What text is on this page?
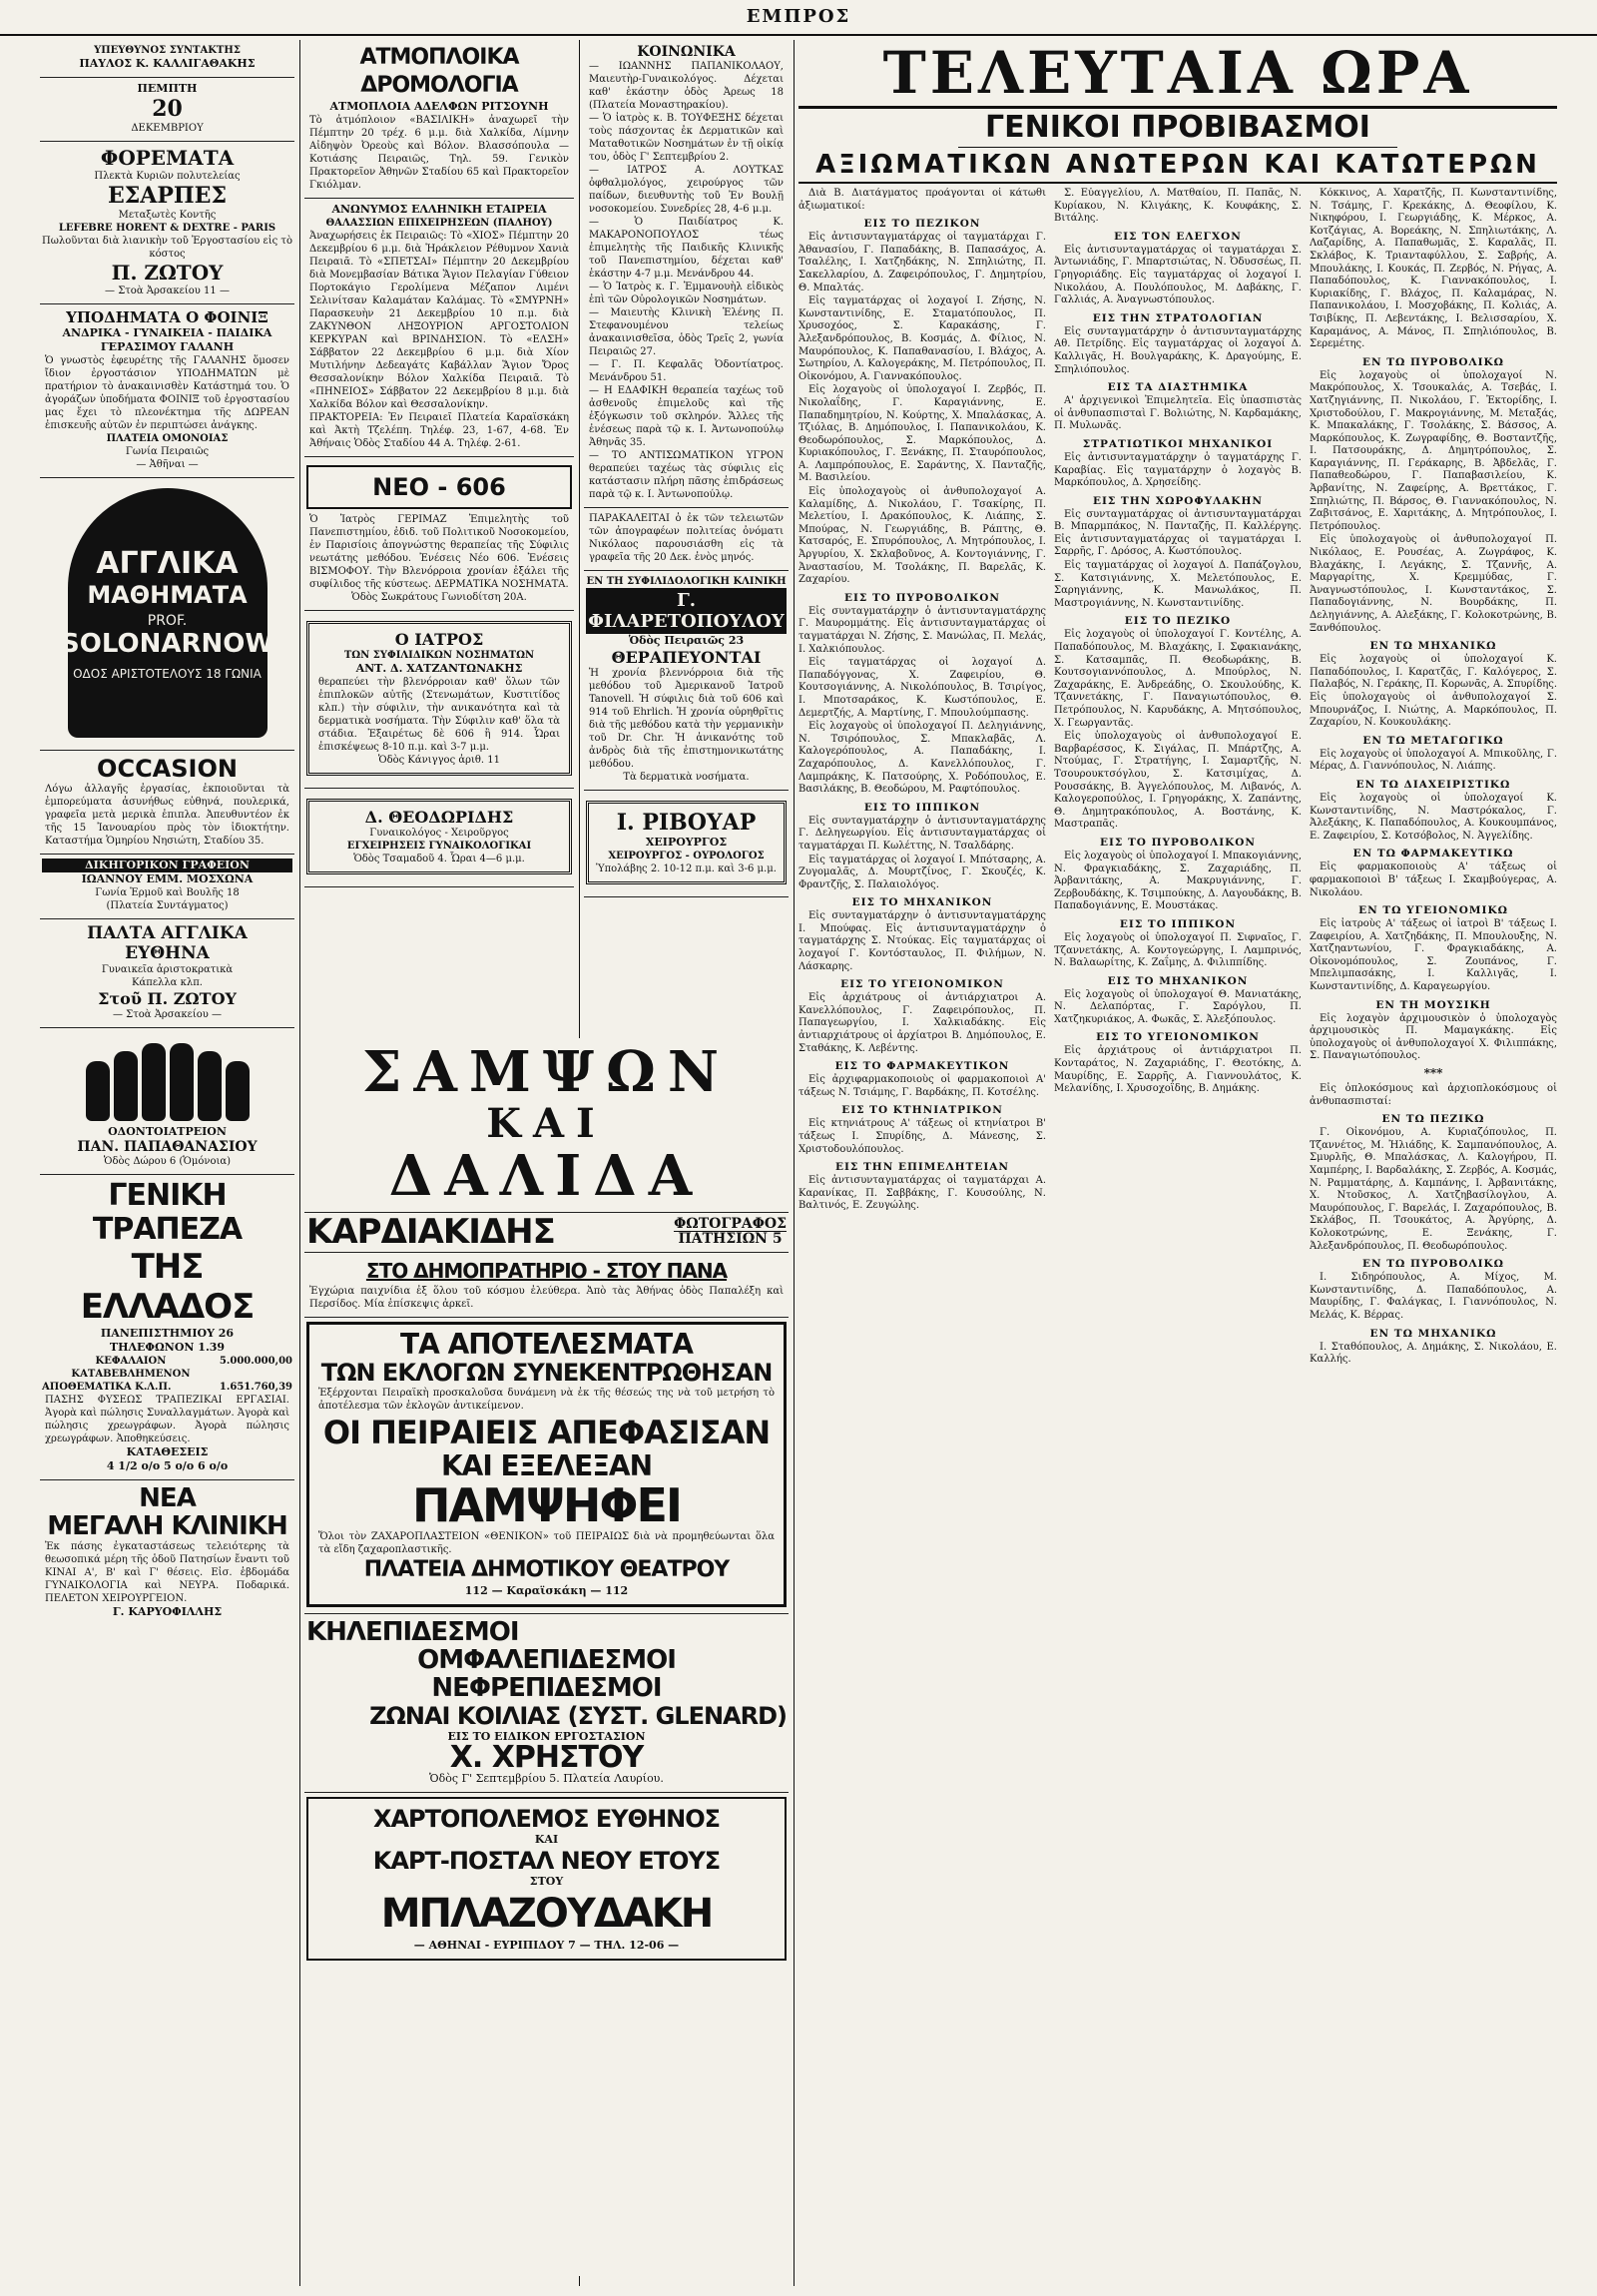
ΕΜΠΡΟΣ
ΥΠΕΥΘΥΝΟΣ ΣΥΝΤΑΚΤΗΣ
ΠΑΥΛΟΣ Κ. ΚΑΛΛΙΓΑΘΑΚΗΣ
ΠΕΜΠΤΗ
20
ΔΕΚΕΜΒΡΙΟΥ
ΦΟΡΕΜΑΤΑ
Πλεκτὰ Κυριῶν πολυτελείας
ΕΣΑΡΠΕΣ
Μεταξωτὲς Κοντῆς
LEFEBRE HORENT & DEXTRE - PARIS
Πωλοῦνται διὰ λιανικὴν τοῦ Ἐργοστασίου εἰς τὸ κόστος
Π. ΖΩΤΟΥ
— Στοὰ Ἀρσακείου 11 —
ΥΠΟΔΗΜΑΤΑ Ο ΦΟΙΝΙΞ
ΑΝΔΡΙΚΑ - ΓΥΝΑΙΚΕΙΑ - ΠΑΙΔΙΚΑ
ΓΕΡΑΣΙΜΟΥ ΓΑΛΑΝΗ
Ὁ γνωστὸς ἐφευρέτης τῆς ΓΑΛΑΝΗΣ ὅμοσεν ἴδιον ἐργοστάσιον ΥΠΟΔΗΜΑΤΩΝ μὲ πρατήριον τὸ ἀνακαινισθὲν Κατάστημά του. Ὁ ἀγοράζων ὑποδήματα ΦΟΙΝΙΞ τοῦ ἐργοστασίου μας ἔχει τὸ πλεονέκτημα τῆς ΔΩΡΕΑΝ ἐπισκευῆς αὐτῶν ἐν περιπτώσει ἀνάγκης.
ΠΛΑΤΕΙΑ ΟΜΟΝΟΙΑΣ
Γωνία Πειραιῶς
— Ἀθῆναι —
ΑΓΓΛΙΚΑ
ΜΑΘΗΜΑΤΑ
PROF.
SOLONARNOW
ΟΔΟΣ ΑΡΙΣΤΟΤΕΛΟΥΣ 18 ΓΩΝΙΑ
OCCASION
Λόγω ἀλλαγῆς ἐργασίας, ἐκποιοῦνται τὰ ἐμπορεύματα ἀσυνήθως εὐθηνά, πουλερικά, γραφεῖα μετὰ μερικὰ ἐπιπλα. Ἀπευθυντέον ἐκ τῆς 15 Ἰανουαρίου πρὸς τὸν ἰδιοκτήτην. Καταστήμα Ὁμηρίου Νησιώτη, Σταδίου 35.
ΔΙΚΗΓΟΡΙΚΟΝ ΓΡΑΦΕΙΟΝ
ΙΩΑΝΝΟΥ ΕΜΜ. ΜΟΣΧΩΝΑ
Γωνία Ἑρμοῦ καὶ Βουλῆς 18
(Πλατεία Συντάγματος)
ΠΑΛΤΑ ΑΓΓΛΙΚΑ ΕΥΘΗΝΑ
Γυναικεῖα ἀριστοκρατικὰ
Κάπελλα κλπ.
Στοῦ Π. ΖΩΤΟΥ
— Στοὰ Ἀρσακείου —
ΟΔΟΝΤΟΙΑΤΡΕΙΟΝ
ΠΑΝ. ΠΑΠΑΘΑΝΑΣΙΟΥ
Ὁδὸς Δώρου 6 (Ὁμόνοια)
ΓΕΝΙΚΗ ΤΡΑΠΕΖΑ
ΤΗΣ ΕΛΛΑΔΟΣ
ΠΑΝΕΠΙΣΤΗΜΙΟΥ 26
ΤΗΛΕΦΩΝΟΝ 1.39
ΚΕΦΑΛΑΙΟΝ ΚΑΤΑΒΕΒΛΗΜΕΝΟΝ
5.000.000,00
ΑΠΟΘΕΜΑΤΙΚΑ Κ.Λ.Π.	1.651.760,39
ΠΑΣΗΣ ΦΥΣΕΩΣ ΤΡΑΠΕΖΙΚΑΙ ΕΡΓΑΣΙΑΙ. Ἀγορὰ καὶ πώλησις Συναλλαγμάτων. Ἀγορὰ καὶ πώλησις χρεωγράφων. Ἀγορὰ πώλησις χρεωγράφων. Ἀποθηκεύσεις.
ΚΑΤΑΘΕΣΕΙΣ
4 1/2 ο/ο 5 ο/ο 6 ο/ο
ΝΕΑ
ΜΕΓΑΛΗ ΚΛΙΝΙΚΗ
Ἐκ πάσης ἐγκαταστάσεως τελειότερης τὰ θεωσοπικά μέρη τῆς ὁδοῦ Πατησίων ἔναντι τοῦ ΚΙΝΑΙ Α', Β' καὶ Γ' θέσεις. Εἰσ. ἑβδομάδα ΓΥΝΑΙΚΟΛΟΓΙΑ καὶ ΝΕΥΡΑ. Ποδαρικά. ΠΕΛΕΤΟΝ ΧΕΙΡΟΥΡΓΕΙΟΝ.
Γ. ΚΑΡΥΟΦΙΛΛΗΣ
ΑΤΜΟΠΛΟΙΚΑ ΔΡΟΜΟΛΟΓΙΑ
ΑΤΜΟΠΛΟΙΑ ΑΔΕΛΦΩΝ ΡΙΤΣΟΥΝΗ
Τὸ ἀτμόπλοιον «ΒΑΣΙΛΙΚΗ» ἀναχωρεῖ τὴν Πέμπτην 20 τρέχ. 6 μ.μ. διὰ Χαλκίδα, Λίμνην Αἰδηψὸν Ὀρεοὺς καὶ Βόλον. Βλασσόπουλα — Κοτιάσης Πειραιῶς, Τηλ. 59. Γενικὸν Πρακτορεῖον Ἀθηνῶν Σταδίου 65 καὶ Πρακτορεῖον Γκιόλμαν.
ΑΝΩΝΥΜΟΣ ΕΛΛΗΝΙΚΗ ΕΤΑΙΡΕΙΑ
ΘΑΛΑΣΣΙΩΝ ΕΠΙΧΕΙΡΗΣΕΩΝ (ΠΑΛΗΟΥ)
Ἀναχωρήσεις ἐκ Πειραιῶς: Τὸ «ΧΙΟΣ» Πέμπτην 20 Δεκεμβρίου 6 μ.μ. διὰ Ἡράκλειον Ρέθυμνον Χανιὰ Πειραιᾶ. Τὸ «ΣΠΕΤΣΑΙ» Πέμπτην 20 Δεκεμβρίου διὰ Μονεμβασίαν Βάτικα Ἅγιον Πελαγίαν Γύθειον Πορτοκάγιο Γερολίμενα Μέζαπον Λιμένι Σελινίτσαν Καλαμάταν Καλάμας. Τὸ «ΣΜΥΡΝΗ» Παρασκευὴν 21 Δεκεμβρίου 10 π.μ. διὰ ΖΑΚΥΝΘΟΝ ΛΗΞΟΥΡΙΟΝ ΑΡΓΟΣΤΟΛΙΟΝ ΚΕΡΚΥΡΑΝ καὶ ΒΡΙΝΔΗΣΙΟΝ. Τὸ «ΕΛΣΗ» Σάββατον 22 Δεκεμβρίου 6 μ.μ. διὰ Χίον Μυτιλήνην Δεδεαγάτς Καβάλλαν Ἅγιον Ὄρος Θεσσαλονίκην Βόλον Χαλκίδα Πειραιᾶ. Τὸ «ΠΗΝΕΙΟΣ» Σάββατον 22 Δεκεμβρίου 8 μ.μ. διὰ Χαλκίδα Βόλον καὶ Θεσσαλονίκην.
ΠΡΑΚΤΟΡΕΙΑ: Ἐν Πειραιεῖ Πλατεία Καραϊσκάκη καὶ Ἀκτὴ Τζελέπη. Τηλέφ. 23, 1-67, 4-68. Ἐν Ἀθήναις Ὁδὸς Σταδίου 44 Α. Τηλέφ. 2-61.
ΝΕΟ - 606
Ὁ Ἰατρὸς ΓΕΡΙΜΑΖ Ἐπιμελητὴς τοῦ Πανεπιστημίου, ἐδιδ. τοῦ Πολιτικοῦ Νοσοκομείου, ἐν Παρισίοις ἀπογνώστης θεραπείας τῆς Σύφιλις νεωτάτης μεθόδου. Ἐνέσεις Νέο 606. Ἐνέσεις ΒΙΣΜΟΦΟΥ. Τὴν Βλενόρροια χρονίαν ἐξάλει τῆς συφίλιδος τῆς κύστεως. ΔΕΡΜΑΤΙΚΑ ΝΟΣΗΜΑΤΑ.
Ὁδὸς Σωκράτους Γωνιοδίτση 20Α.
Ο ΙΑΤΡΟΣ
ΤΩΝ ΣΥΦΙΛΙΔΙΚΩΝ ΝΟΣΗΜΑΤΩΝ
ΑΝΤ. Δ. ΧΑΤΖΑΝΤΩΝΑΚΗΣ
θεραπεύει τὴν βλενόρροιαν καθ' ὅλων τῶν ἐπιπλοκῶν αὐτῆς (Στενωμάτων, Κυστιτίδος κλπ.) τὴν σύφιλιν, τὴν ανικανότητα καὶ τὰ δερματικὰ νοσήματα. Τὴν Σύφιλιν καθ' ὅλα τὰ στάδια. Ἐξαιρέτως δὲ 606 ἢ 914. Ὧραι ἐπισκέψεως 8-10 π.μ. καὶ 3-7 μ.μ.
Ὁδὸς Κάνιγγος ἀριθ. 11
Δ. ΘΕΟΔΩΡΙΔΗΣ
Γυναικολόγος - Χειροῦργος
ΕΓΧΕΙΡΗΣΕΙΣ ΓΥΝΑΙΚΟΛΟΓΙΚΑΙ
Ὁδὸς Τσαμαδοῦ 4. Ὧραι 4—6 μ.μ.
ΚΟΙΝΩΝΙΚΑ
— ΙΩΑΝΝΗΣ ΠΑΠΑΝΙΚΟΛΑΟΥ, Μαιευτὴρ-Γυναικολόγος. Δέχεται καθ' ἑκάστην ὁδὸς Ἀρεως 18 (Πλατεία Μοναστηρακίου).
— Ὁ ἰατρὸς κ. Β. ΤΟΥΦΕΞΗΣ δέχεται τοὺς πάσχοντας ἐκ Δερματικῶν καὶ Ματαθοτικῶν Νοσημάτων ἐν τῇ οἰκίᾳ του, ὁδὸς Γ' Σεπτεμβρίου 2.
— ΙΑΤΡΟΣ Α. ΛΟΥΤΚΑΣ ὀφθαλμολόγος, χειρούργος τῶν παίδων, διευθυντὴς τοῦ Ἐν Βουλῇ νοσοκομείου. Συνεδρίες 28, 4-6 μ.μ.
— Ὁ Παιδίατρος Κ. ΜΑΚΑΡΟΝΟΠΟΥΛΟΣ τέως ἐπιμελητὴς τῆς Παιδικῆς Κλινικῆς τοῦ Πανεπιστημίου, δέχεται καθ' ἑκάστην 4-7 μ.μ. Μενάνδρου 44.
— Ὁ Ἰατρὸς κ. Γ. Ἐμμανουὴλ εἰδικὸς ἐπὶ τῶν Οὐρολογικῶν Νοσημάτων.
— Μαιευτὴς Κλινικὴ Ἑλένης Π. Στεφανουμένου τελείως ἀνακαινισθεῖσα, ὁδὸς Τρεῖς 2, γωνία Πειραιῶς 27.
— Γ. Π. Κεφαλᾶς Ὀδοντίατρος. Μενάνδρου 51.
— Η ΕΔΑΦΙΚΗ θεραπεία ταχέως τοῦ ἀσθενοῦς ἐπιμελοῦς καὶ τῆς ἐξόγκωσιν τοῦ σκληρόν. Ἄλλες τῆς ἐνέσεως παρὰ τῷ κ. Ι. Ἀντωνοπούλῳ Ἀθηνᾶς 35.
— ΤΟ ΑΝΤΙΣΩΜΑΤΙΚΟΝ ΥΓΡΟΝ θεραπεύει ταχέως τὰς σύφιλις εἰς κατάστασιν πλήρη πᾶσης ἐπιδράσεως παρὰ τῷ κ. Ι. Ἀντωνοπούλῳ.
ΠΑΡΑΚΑΛΕΙΤΑΙ ὁ ἐκ τῶν τελειωτῶν τῶν ἀπογραφέων πολιτείας ὀνόματι Νικόλαος παρουσιάσθη εἰς τὰ γραφεῖα τῆς 20 Δεκ. ἐνὸς μηνός.
ΕΝ ΤΗ ΣΥΦΙΛΙΔΟΛΟΓΙΚΗ ΚΛΙΝΙΚΗ
Γ. ΦΙΛΑΡΕΤΟΠΟΥΛΟΥ
Ὁδὸς Πειραιῶς 23
ΘΕΡΑΠΕΥΟΝΤΑΙ
Ἡ χρονία βλεννόρροια διὰ τῆς μεθόδου τοῦ Ἀμερικανοῦ Ἰατροῦ Tanovell. Ἡ σύφιλις διὰ τοῦ 606 καὶ 914 τοῦ Ehrlich. Ἡ χρονία οὐρηθρῖτις διὰ τῆς μεθόδου κατὰ τὴν γερμανικὴν τοῦ Dr. Chr. Ἡ ἀνικανότης τοῦ ἀνδρὸς διὰ τῆς ἐπιστημονικωτάτης μεθόδου.
Τὰ δερματικὰ νοσήματα.
Ι. ΡΙΒΟΥΑΡ
ΧΕΙΡΟΥΡΓΟΣ
ΧΕΙΡΟΥΡΓΟΣ - ΟΥΡΟΛΟΓΟΣ
Ὑπολάβης 2. 10-12 π.μ. καὶ 3-6 μ.μ.
ΣΑΜΨΩΝ
ΚΑΙ
ΔΑΛΙΔΑ
ΚΑΡΔΙΑΚΙΔΗΣ	ΦΩΤΟΓΡΑΦΟΣ
ΠΑΤΗΣΙΩΝ 5
ΣΤΟ ΔΗΜΟΠΡΑΤΗΡΙΟ - ΣΤΟΥ ΠΑΝΑ
Ἐγχώρια παιχνίδια ἐξ ὅλου τοῦ κόσμου ἐλεύθερα. Ἀπὸ τὰς Ἀθήνας ὁδὸς Παπαλέξη καὶ Περσίδος. Μία ἐπίσκεψις ἀρκεῖ.
ΤΑ ΑΠΟΤΕΛΕΣΜΑΤΑ
ΤΩΝ ΕΚΛΟΓΩΝ ΣΥΝΕΚΕΝΤΡΩΘΗΣΑΝ
Ἐξέρχονται Πειραϊκὴ προσκαλοῦσα δυνάμενη νὰ ἐκ τῆς θέσεώς της νὰ τοῦ μετρήση τὸ ἀποτέλεσμα τῶν ἐκλογῶν ἀντικείμενον.
ΟΙ ΠΕΙΡΑΙΕΙΣ ΑΠΕΦΑΣΙΣΑΝ
ΚΑΙ ΕΞΕΛΕΞΑΝ
ΠΑΜΨΗΦΕΙ
Ὅλοι τὸν ΖΑΧΑΡΟΠΛΑΣΤΕΙΟΝ «ΘΕΝΙΚΟΝ» τοῦ ΠΕΙΡΑΙΩΣ διὰ νὰ προμηθεύωνται ὅλα τὰ εἴδη ζαχαροπλαστικῆς.
ΠΛΑΤΕΙΑ ΔΗΜΟΤΙΚΟΥ ΘΕΑΤΡΟΥ
112 — Καραϊσκάκη — 112
ΚΗΛΕΠΙΔΕΣΜΟΙ
ΟΜΦΑΛΕΠΙΔΕΣΜΟΙ
ΝΕΦΡΕΠΙΔΕΣΜΟΙ
ΖΩΝΑΙ ΚΟΙΛΙΑΣ (ΣΥΣΤ. GLENARD)
ΕΙΣ ΤΟ ΕΙΔΙΚΟΝ ΕΡΓΟΣΤΑΣΙΟΝ
Χ. ΧΡΗΣΤΟΥ
Ὁδὸς Γ' Σεπτεμβρίου 5. Πλατεία Λαυρίου.
ΧΑΡΤΟΠΟΛΕΜΟΣ ΕΥΘΗΝΟΣ
ΚΑΙ
ΚΑΡΤ-ΠΟΣΤΑΛ ΝΕΟΥ ΕΤΟΥΣ
ΣΤΟΥ
ΜΠΛΑΖΟΥΔΑΚΗ
— ΑΘΗΝΑΙ - ΕΥΡΙΠΙΔΟΥ 7 — ΤΗΛ. 12-06 —
ΤΕΛΕΥΤΑΙΑ ΩΡΑ
ΓΕΝΙΚΟΙ ΠΡΟΒΙΒΑΣΜΟΙ
ΑΞΙΩΜΑΤΙΚΩΝ ΑΝΩΤΕΡΩΝ ΚΑΙ ΚΑΤΩΤΕΡΩΝ
Διὰ Β. Διατάγματος προάγονται οἱ κάτωθι ἀξιωματικοί:
ΕΙΣ ΤΟ ΠΕΖΙΚΟΝ
Εἰς ἀντισυνταγματάρχας οἱ ταγματάρχαι Γ. Ἀθανασίου, Γ. Παπαδάκης, Β. Παπασάχος, Α. Τσαλέλης, Ι. Χατζηδάκης, Ν. Σπηλιώτης, Π. Σακελλαρίου, Δ. Ζαφειρόπουλος, Γ. Δημητρίου, Θ. Μπαλτάς.
Εἰς ταγματάρχας οἱ λοχαγοί Ι. Ζήσης, Ν. Κωνσταντινίδης, Ε. Σταματόπουλος, Π. Χρυσοχόος, Σ. Καρακάσης, Γ. Ἀλεξανδρόπουλος, Β. Κοσμάς, Δ. Φίλιος, Ν. Μαυρόπουλος, Κ. Παπαθανασίου, Ι. Βλάχος, Α. Σωτηρίου, Λ. Καλογεράκης, Μ. Πετρόπουλος, Π. Οἰκονόμου, Α. Γιαννακόπουλος.
Εἰς λοχαγοὺς οἱ ὑπολοχαγοί Ι. Ζερβός, Π. Νικολαΐδης, Γ. Καραγιάννης, Ε. Παπαδημητρίου, Ν. Κούρτης, Χ. Μπαλάσκας, Α. Τζιόλας, Β. Δημόπουλος, Ι. Παπανικολάου, Κ. Θεοδωρόπουλος, Σ. Μαρκόπουλος, Δ. Κυριακόπουλος, Γ. Ξενάκης, Π. Σταυρόπουλος, Α. Λαμπρόπουλος, Ε. Σαράντης, Χ. Πανταζῆς, Μ. Βασιλείου.
Εἰς ὑπολοχαγοὺς οἱ ἀνθυπολοχαγοί Α. Καλαμίδης, Δ. Νικολάου, Γ. Τσακίρης, Π. Μελετίου, Ι. Δρακόπουλος, Κ. Λιάπης, Σ. Μπούρας, Ν. Γεωργιάδης, Β. Ράπτης, Θ. Κατσαρός, Ε. Σπυρόπουλος, Λ. Μητρόπουλος, Ι. Ἀργυρίου, Χ. Σκλαβοῦνος, Α. Κοντογιάννης, Γ. Ἀναστασίου, Μ. Τσολάκης, Π. Βαρελᾶς, Κ. Ζαχαρίου.
ΕΙΣ ΤΟ ΠΥΡΟΒΟΛΙΚΟΝ
Εἰς συνταγματάρχην ὁ ἀντισυνταγματάρχης Γ. Μαυρομμάτης. Εἰς ἀντισυνταγματάρχας οἱ ταγματάρχαι Ν. Ζήσης, Σ. Μανώλας, Π. Μελάς, Ι. Χαλκιόπουλος.
Εἰς ταγματάρχας οἱ λοχαγοί Δ. Παπαδόγγονας, Χ. Ζαφειρίου, Θ. Κουτσογιάννης, Α. Νικολόπουλος, Β. Τσιρίγος, Ι. Μποτσαράκος, Κ. Κωστόπουλος, Ε. Δεμερτζής, Α. Μαρτίνης, Γ. Μπουλούμπασης.
Εἰς λοχαγοὺς οἱ ὑπολοχαγοί Π. Δεληγιάννης, Ν. Τσιρόπουλος, Σ. Μπακλαβᾶς, Λ. Καλογερόπουλος, Α. Παπαδάκης, Ι. Ζαχαρόπουλος, Δ. Κανελλόπουλος, Γ. Λαμπράκης, Κ. Πατσούρης, Χ. Ροδόπουλος, Ε. Βασιλάκης, Β. Θεοδώρου, Μ. Ραφτόπουλος.
ΕΙΣ ΤΟ ΙΠΠΙΚΟΝ
Εἰς συνταγματάρχην ὁ ἀντισυνταγματάρχης Γ. Δεληγεωργίου. Εἰς ἀντισυνταγματάρχας οἱ ταγματάρχαι Π. Κωλέττης, Ν. Τσαλδάρης.
Εἰς ταγματάρχας οἱ λοχαγοί Ι. Μπότσαρης, Α. Ζυγομαλᾶς, Δ. Μουρτζίνος, Γ. Σκουζές, Κ. Φραντζῆς, Σ. Παλαιολόγος.
ΕΙΣ ΤΟ ΜΗΧΑΝΙΚΟΝ
Εἰς συνταγματάρχην ὁ ἀντισυνταγματάρχης Ι. Μπούφας. Εἰς ἀντισυνταγματάρχην ὁ ταγματάρχης Σ. Ντούκας. Εἰς ταγματάρχας οἱ λοχαγοί Γ. Κοντόσταυλος, Π. Φιλήμων, Ν. Λάσκαρης.
ΕΙΣ ΤΟ ΥΓΕΙΟΝΟΜΙΚΟΝ
Εἰς ἀρχιάτρους οἱ ἀντιάρχιατροι Α. Κανελλόπουλος, Γ. Ζαφειρόπουλος, Π. Παπαγεωργίου, Ι. Χαλκιαδάκης. Εἰς ἀντιαρχιάτρους οἱ ἀρχίατροι Β. Δημόπουλος, Ε. Σταθάκης, Κ. Λεβέντης.
ΕΙΣ ΤΟ ΦΑΡΜΑΚΕΥΤΙΚΟΝ
Εἰς ἀρχιφαρμακοποιοὺς οἱ φαρμακοποιοὶ Α' τάξεως Ν. Τσιάμης, Γ. Βαρδάκης, Π. Κοτσέλης.
ΕΙΣ ΤΟ ΚΤΗΝΙΑΤΡΙΚΟΝ
Εἰς κτηνιάτρους Α' τάξεως οἱ κτηνίατροι Β' τάξεως Ι. Σπυρίδης, Δ. Μάνεσης, Σ. Χριστοδουλόπουλος.
ΕΙΣ ΤΗΝ ΕΠΙΜΕΛΗΤΕΙΑΝ
Εἰς ἀντισυνταγματάρχας οἱ ταγματάρχαι Α. Καρανίκας, Π. Σαββάκης, Γ. Κουσούλης, Ν. Βαλτινός, Ε. Ζευγώλης.
Σ. Εὐαγγελίου, Λ. Ματθαίου, Π. Παπᾶς, Ν. Κυρίακου, Ν. Κλιγάκης, Κ. Κουφάκης, Σ. Βιτάλης.
ΕΙΣ ΤΟΝ ΕΛΕΓΧΟΝ
Εἰς ἀντισυνταγματάρχας οἱ ταγματάρχαι Σ. Ἀντωνιάδης, Γ. Μπαρτσιώτας, Ν. Ὀδυσσέως, Π. Γρηγοριάδης. Εἰς ταγματάρχας οἱ λοχαγοί Ι. Νικολάου, Α. Πουλόπουλος, Μ. Δαβάκης, Γ. Γαλλιάς, Α. Ἀναγνωστόπουλος.
ΕΙΣ ΤΗΝ ΣΤΡΑΤΟΛΟΓΙΑΝ
Εἰς συνταγματάρχην ὁ ἀντισυνταγματάρχης Αθ. Πετρίδης. Εἰς ταγματάρχας οἱ λοχαγοί Δ. Καλλιγᾶς, Η. Βουλγαράκης, Κ. Δραγούμης, Ε. Σπηλιόπουλος.
ΕΙΣ ΤΑ ΔΙΑΣΤΗΜΙΚΑ
Α' ἀρχιγενικοὶ Ἐπιμελητεῖα. Εἰς ὑπασπιστὰς οἱ ἀνθυπασπισταὶ Γ. Βολιώτης, Ν. Καρδαμάκης, Π. Μυλωνᾶς.
ΣΤΡΑΤΙΩΤΙΚΟΙ ΜΗΧΑΝΙΚΟΙ
Εἰς ἀντισυνταγματάρχην ὁ ταγματάρχης Γ. Καραβίας. Εἰς ταγματάρχην ὁ λοχαγὸς Β. Μαρκόπουλος, Δ. Χρησείδης.
ΕΙΣ ΤΗΝ ΧΩΡΟΦΥΛΑΚΗΝ
Εἰς συνταγματάρχας οἱ ἀντισυνταγματάρχαι Β. Μπαρμπάκος, Ν. Πανταζῆς, Π. Καλλέργης. Εἰς ἀντισυνταγματάρχας οἱ ταγματάρχαι Ι. Σαρρῆς, Γ. Δρόσος, Α. Κωστόπουλος.
Εἰς ταγματάρχας οἱ λοχαγοί Δ. Παπάζογλου, Σ. Κατσιγιάννης, Χ. Μελετόπουλος, Ε. Σαρηγιάννης, Κ. Μανωλάκος, Π. Μαστρογιάννης, Ν. Κωνσταντινίδης.
ΕΙΣ ΤΟ ΠΕΖΙΚΟ
Εἰς λοχαγοὺς οἱ ὑπολοχαγοί Γ. Κοντέλης, Α. Παπαδόπουλος, Μ. Βλαχάκης, Ι. Σφακιανάκης, Σ. Κατσαμπᾶς, Π. Θεοδωράκης, Β. Κουτσογιαννόπουλος, Δ. Μπούρλος, Ν. Ζαχαράκης, Ε. Ἀνδρεάδης, Ο. Σκουλούδης, Κ. Τζαννετάκης, Γ. Παναγιωτόπουλος, Θ. Πετρόπουλος, Ν. Καρυδάκης, Α. Μητσόπουλος, Χ. Γεωργαντᾶς.
Εἰς ὑπολοχαγοὺς οἱ ἀνθυπολοχαγοί Ε. Βαρβαρέσσος, Κ. Σιγάλας, Π. Μπάρτζης, Α. Ντούμας, Γ. Στρατήγης, Ι. Σαμαρτζῆς, Ν. Τσουρουκτσόγλου, Σ. Κατσιμίχας, Δ. Ρουσσάκης, Β. Ἀγγελόπουλος, Μ. Λιβανός, Λ. Καλογεροπούλος, Ι. Γρηγοράκης, Χ. Ζαπάντης, Θ. Δημητρακόπουλος, Α. Βοστάνης, Κ. Μαστραπᾶς.
ΕΙΣ ΤΟ ΠΥΡΟΒΟΛΙΚΟΝ
Εἰς λοχαγοὺς οἱ ὑπολοχαγοί Ι. Μπακογιάννης, Ν. Φραγκιαδάκης, Σ. Ζαχαριάδης, Π. Ἀρβανιτάκης, Α. Μακρυγιάννης, Γ. Ζερβουδάκης, Κ. Τσιμπούκης, Δ. Λαγουδάκης, Β. Παπαδογιάννης, Ε. Μουστάκας.
ΕΙΣ ΤΟ ΙΠΠΙΚΟΝ
Εἰς λοχαγοὺς οἱ ὑπολοχαγοί Π. Σιφναῖος, Γ. Τζαννετάκης, Α. Κοντογεώργης, Ι. Λαμπρινός, Ν. Βαλαωρίτης, Κ. Ζαΐμης, Δ. Φιλιππίδης.
ΕΙΣ ΤΟ ΜΗΧΑΝΙΚΟΝ
Εἰς λοχαγοὺς οἱ ὑπολοχαγοί Θ. Μανιατάκης, Ν. Δελαπόρτας, Γ. Σαρόγλου, Π. Χατζηκυριάκος, Α. Φωκᾶς, Σ. Ἀλεξόπουλος.
ΕΙΣ ΤΟ ΥΓΕΙΟΝΟΜΙΚΟΝ
Εἰς ἀρχιάτρους οἱ ἀντιάρχιατροι Π. Κονταράτος, Ν. Ζαχαριάδης, Γ. Θεοτόκης, Δ. Μαυρίδης, Ε. Σαρρῆς, Α. Γιαννουλάτος, Κ. Μελανίδης, Ι. Χρυσοχοΐδης, Β. Δημάκης.
Κόκκινος, Α. Χαρατζῆς, Π. Κωνσταντινίδης, Ν. Τσάμης, Γ. Κρεκάκης, Δ. Θεοφίλου, Κ. Νικηφόρου, Ι. Γεωργιάδης, Κ. Μέρκος, Α. Κοτζάγιας, Α. Βορεάκης, Ν. Σπηλιωτάκης, Λ. Λαζαρίδης, Α. Παπαθωμᾶς, Σ. Καραλᾶς, Π. Σκλάβος, Κ. Τριανταφύλλου, Σ. Σαβρής, Α. Μπουλάκης, Ι. Κουκάς, Π. Ζερβός, Ν. Ρήγας, Α. Παπαδόπουλος, Κ. Γιαννακόπουλος, Ι. Κυριακίδης, Γ. Βλάχος, Π. Καλαμάρας, Ν. Παπανικολάου, Ι. Μοσχοβάκης, Π. Κολιάς, Α. Τσιβίκης, Π. Λεβεντάκης, Ι. Βελισσαρίου, Χ. Καραμάνος, Α. Μάνος, Π. Σπηλιόπουλος, Β. Σερεμέτης.
ΕΝ ΤΩ ΠΥΡΟΒΟΛΙΚΩ
Εἰς λοχαγοὺς οἱ ὑπολοχαγοί Ν. Μακρόπουλος, Χ. Τσουκαλάς, Α. Τσεβάς, Ι. Χατζηγιάννης, Π. Νικολάου, Γ. Ἐκτορίδης, Ι. Χριστοδούλου, Γ. Μακρογιάννης, Μ. Μεταξάς, Κ. Μπακαλάκης, Γ. Τσολάκης, Σ. Βάσσος, Α. Μαρκόπουλος, Κ. Ζωγραφίδης, Θ. Βοσταντζῆς, Ι. Πατσουράκης, Δ. Δημητρόπουλος, Σ. Καραγιάννης, Π. Γεράκαρης, Β. Ἀβδελᾶς, Γ. Παπαθεοδώρου, Γ. Παπαβασιλείου, Κ. Ἀρβανίτης, Ν. Ζαφείρης, Α. Βρεττάκος, Γ. Σπηλιώτης, Π. Βάρσος, Θ. Γιαννακόπουλος, Ν. Ζαβιτσάνος, Ε. Χαριτάκης, Δ. Μητρόπουλος, Ι. Πετρόπουλος.
Εἰς ὑπολοχαγοὺς οἱ ἀνθυπολοχαγοί Π. Νικόλαος, Ε. Ρουσέας, Α. Ζωγράφος, Κ. Βλαχάκης, Ι. Λεγάκης, Σ. Τζαννῆς, Α. Μαργαρίτης, Χ. Κρεμμύδας, Γ. Ἀναγνωστόπουλος, Ι. Κωνσταντάκος, Σ. Παπαδογιάννης, Ν. Βουρδάκης, Π. Δεληγιάννης, Α. Αλεξάκης, Γ. Κολοκοτρώνης, Β. Ξανθόπουλος.
ΕΝ ΤΩ ΜΗΧΑΝΙΚΩ
Εἰς λοχαγοὺς οἱ ὑπολοχαγοί Κ. Παπαδόπουλος, Ι. Καρατζᾶς, Γ. Καλόγερος, Σ. Παλαβός, Ν. Γεράκης, Π. Κορωνᾶς, Α. Σπυρίδης. Εἰς ὑπολοχαγοὺς οἱ ἀνθυπολοχαγοί Σ. Μπουρνάζος, Ι. Νιώτης, Α. Μαρκόπουλος, Π. Ζαχαρίου, Ν. Κουκουλάκης.
ΕΝ ΤΩ ΜΕΤΑΓΩΓΙΚΩ
Εἰς λοχαγοὺς οἱ ὑπολοχαγοί Α. Μπικοῦλης, Γ. Μέρας, Δ. Γιαννόπουλος, Ν. Λιάπης.
ΕΝ ΤΩ ΔΙΑΧΕΙΡΙΣΤΙΚΩ
Εἰς λοχαγοὺς οἱ ὑπολοχαγοί Κ. Κωνσταντινίδης, Ν. Μαστρόκαλος, Γ. Ἀλεξάκης, Κ. Παπαδόπουλος, Α. Κουκουμπάνος, Ε. Ζαφειρίου, Σ. Κοτσόβολος, Ν. Ἀγγελίδης.
ΕΝ ΤΩ ΦΑΡΜΑΚΕΥΤΙΚΩ
Εἰς φαρμακοποιοὺς Α' τάξεως οἱ φαρμακοποιοὶ Β' τάξεως Ι. Σκαμβούγερας, Α. Νικολάου.
ΕΝ ΤΩ ΥΓΕΙΟΝΟΜΙΚΩ
Εἰς ἰατροὺς Α' τάξεως οἱ ἰατροὶ Β' τάξεως Ι. Ζαφειρίου, Α. Χατζηδάκης, Π. Μπουλουξης, Ν. Χατζηαντωνίου, Γ. Φραγκιαδάκης, Α. Οἰκονομόπουλος, Σ. Ζουπάνος, Γ. Μπελιμπασάκης, Ι. Καλλιγᾶς, Ι. Κωνσταντινίδης, Δ. Καραγεωργίου.
ΕΝ ΤΗ ΜΟΥΣΙΚΗ
Εἰς λοχαγὸν ἀρχιμουσικὸν ὁ ὑπολοχαγὸς ἀρχιμουσικὸς Π. Μαμαγκάκης. Εἰς ὑπολοχαγοὺς οἱ ἀνθυπολοχαγοί Χ. Φιλιππάκης, Σ. Παναγιωτόπουλος.
***
Εἰς ὁπλοκόσμους καὶ ἀρχιοπλοκόσμους οἱ ἀνθυπασπισταί:
ΕΝ ΤΩ ΠΕΖΙΚΩ
Γ. Οἰκονόμου, Α. Κυριαζόπουλος, Π. Τζαννέτος, Μ. Ἠλιάδης, Κ. Σαμπανόπουλος, Α. Σμυρλῆς, Θ. Μπαλάσκας, Λ. Καλογήρου, Π. Χαμπέρης, Ι. Βαρδαλάκης, Σ. Ζερβός, Α. Κοσμάς, Ν. Ραμματάρης, Δ. Καμπάνης, Ι. Ἀρβανιτάκης, Χ. Ντοῦσκος, Λ. Χατζηβασίλογλου, Α. Μαυρόπουλος, Γ. Βαρελάς, Ι. Ζαχαρόπουλος, Β. Σκλάβος, Π. Τσουκάτος, Α. Ἀργύρης, Δ. Κολοκοτρώνης, Ε. Ξενάκης, Γ. Ἀλεξανδρόπουλος, Π. Θεοδωρόπουλος.
ΕΝ ΤΩ ΠΥΡΟΒΟΛΙΚΩ
Ι. Σιδηρόπουλος, Α. Μίχος, Μ. Κωνσταντινίδης, Δ. Παπαδόπουλος, Α. Μαυρίδης, Γ. Φαλάγκας, Ι. Γιαννόπουλος, Ν. Μελάς, Κ. Βέρρας.
ΕΝ ΤΩ ΜΗΧΑΝΙΚΩ
Ι. Σταθόπουλος, Α. Δημάκης, Σ. Νικολάου, Ε. Καλλής.
